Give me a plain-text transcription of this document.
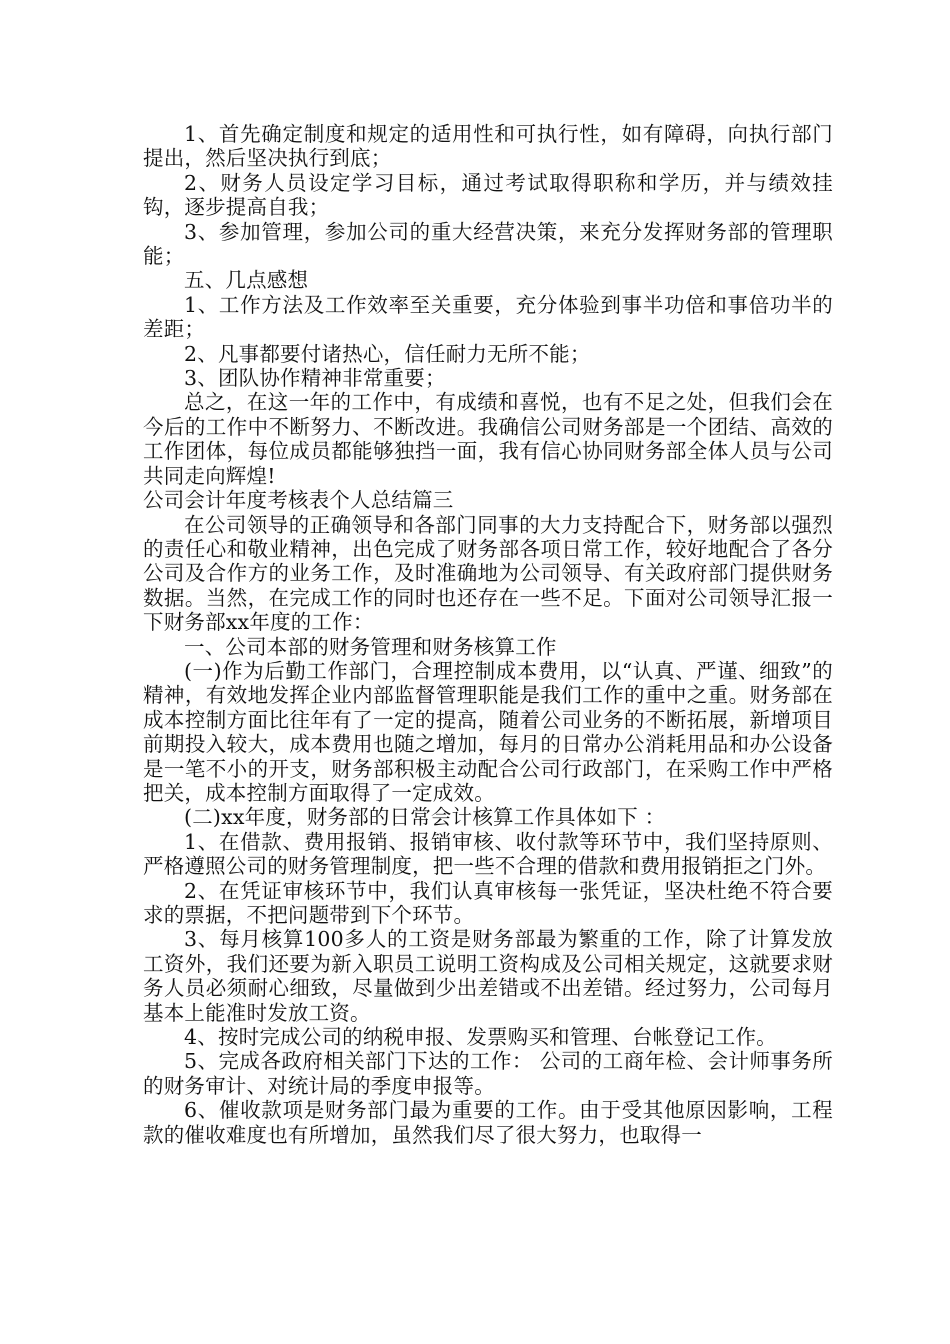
1、首先确定制度和规定的适用性和可执行性，如有障碍，向执行部门提出，然后坚决执行到底；

2、财务人员设定学习目标，通过考试取得职称和学历，并与绩效挂钩，逐步提高自我；

3、参加管理，参加公司的重大经营决策，来充分发挥财务部的管理职能；

五、几点感想

1、工作方法及工作效率至关重要，充分体验到事半功倍和事倍功半的差距；

2、凡事都要付诸热心，信任耐力无所不能；

3、团队协作精神非常重要；

总之，在这一年的工作中，有成绩和喜悦，也有不足之处，但我们会在今后的工作中不断努力、不断改进。我确信公司财务部是一个团结、高效的工作团体，每位成员都能够独挡一面，我有信心协同财务部全体人员与公司共同走向辉煌!

公司会计年度考核表个人总结篇三

在公司领导的正确领导和各部门同事的大力支持配合下，财务部以强烈的责任心和敬业精神，出色完成了财务部各项日常工作，较好地配合了各分公司及合作方的业务工作，及时准确地为公司领导、有关政府部门提供财务数据。当然，在完成工作的同时也还存在一些不足。下面对公司领导汇报一下财务部xx年度的工作：

一、公司本部的财务管理和财务核算工作

(一)作为后勤工作部门，合理控制成本费用，以“认真、严谨、细致”的精神，有效地发挥企业内部监督管理职能是我们工作的重中之重。财务部在成本控制方面比往年有了一定的提高，随着公司业务的不断拓展，新增项目前期投入较大，成本费用也随之增加，每月的日常办公消耗用品和办公设备是一笔不小的开支，财务部积极主动配合公司行政部门，在采购工作中严格把关，成本控制方面取得了一定成效。

(二)xx年度，财务部的日常会计核算工作具体如下 ：

1、在借款、费用报销、报销审核、收付款等环节中，我们坚持原则、严格遵照公司的财务管理制度，把一些不合理的借款和费用报销拒之门外。

2、在凭证审核环节中，我们认真审核每一张凭证，坚决杜绝不符合要求的票据，不把问题带到下个环节。

3、每月核算100多人的工资是财务部最为繁重的工作，除了计算发放工资外，我们还要为新入职员工说明工资构成及公司相关规定，这就要求财务人员必须耐心细致，尽量做到少出差错或不出差错。经过努力，公司每月基本上能准时发放工资。

4、按时完成公司的纳税申报、发票购买和管理、台帐登记工作。

5、完成各政府相关部门下达的工作： 公司的工商年检、会计师事务所的财务审计、对统计局的季度申报等。

6、催收款项是财务部门最为重要的工作。由于受其他原因影响，工程款的催收难度也有所增加，虽然我们尽了很大努力，也取得一
